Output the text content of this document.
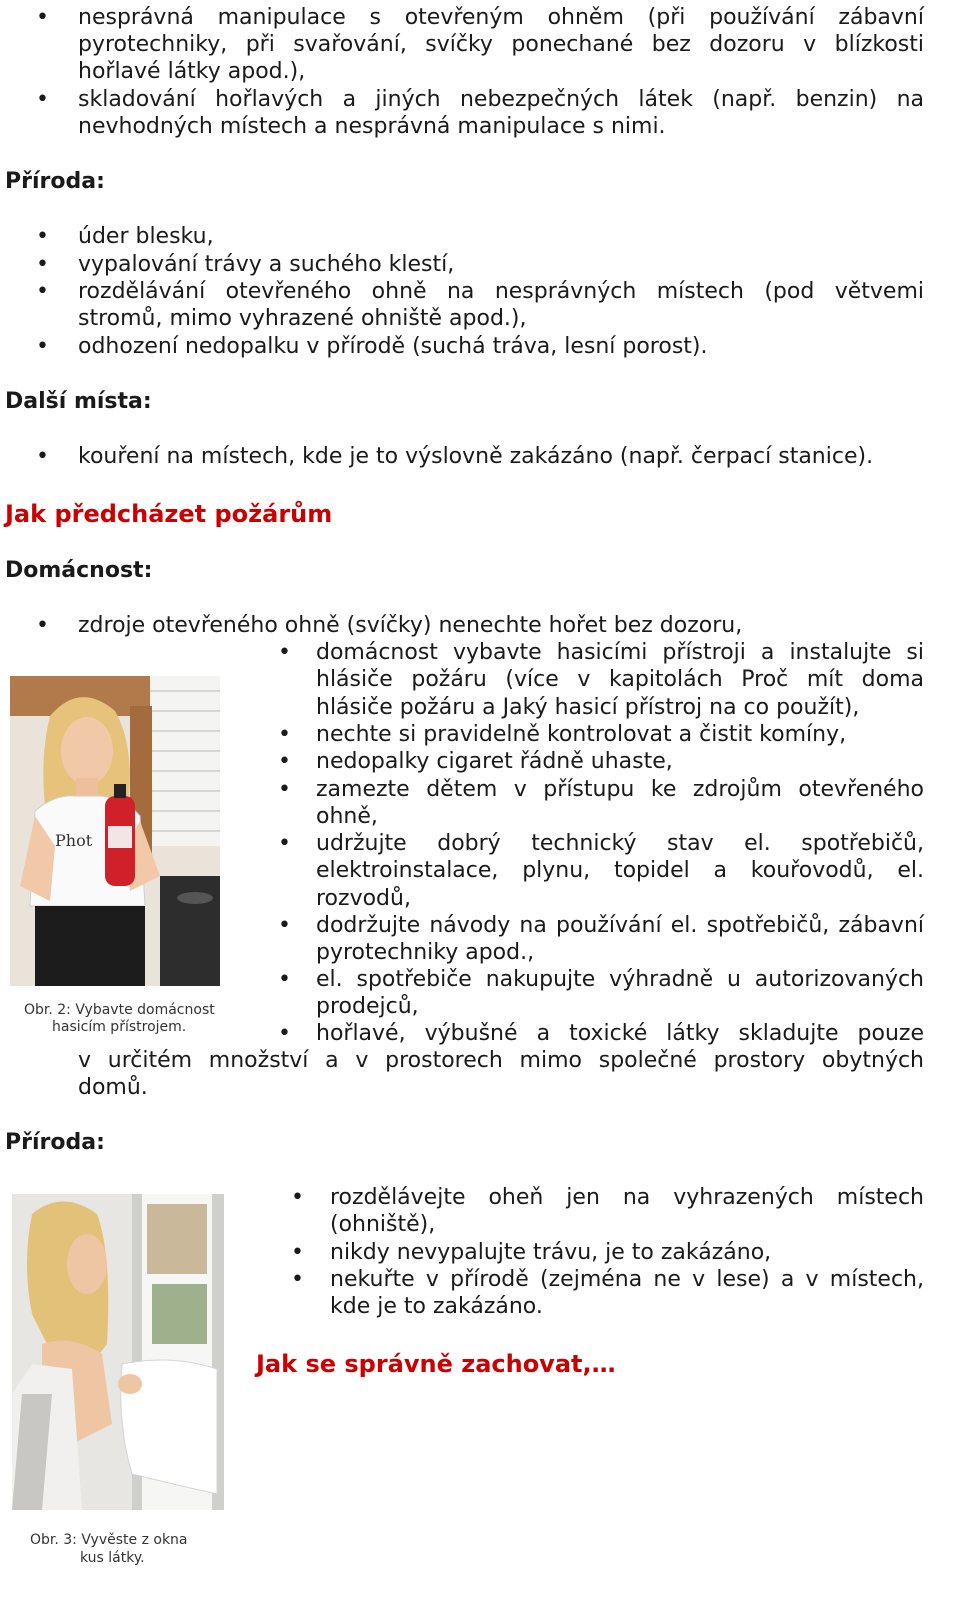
• nesprávná manipulace s otevřeným ohněm (při používání zábavní
pyrotechniky, při svařování, svíčky ponechané bez dozoru v blízkosti
hořlavé látky apod.),
• skladování hořlavých a jiných nebezpečných látek (např. benzin) na
nevhodných místech a nesprávná manipulace s nimi.
Příroda:
• úder blesku,
• vypalování trávy a suchého klestí,
• rozdělávání otevřeného ohně na nesprávných místech (pod větvemi
stromů, mimo vyhrazené ohniště apod.),
• odhození nedopalku v přírodě (suchá tráva, lesní porost).
Další místa:
• kouření na místech, kde je to výslovně zakázáno (např. čerpací stanice).
Jak předcházet požárům
Domácnost:
• zdroje otevřeného ohně (svíčky) nenechte hořet bez dozoru,
Phot
Obr. 2: Vybavte domácnost
hasicím přístrojem.
• domácnost vybavte hasicími přístroji a instalujte si
hlásiče požáru (více v kapitolách Proč mít doma
hlásiče požáru a Jaký hasicí přístroj na co použít),
• nechte si pravidelně kontrolovat a čistit komíny,
• nedopalky cigaret řádně uhaste,
• zamezte dětem v přístupu ke zdrojům otevřeného
ohně,
• udržujte dobrý technický stav el. spotřebičů,
elektroinstalace, plynu, topidel a kouřovodů, el.
rozvodů,
• dodržujte návody na používání el. spotřebičů, zábavní
pyrotechniky apod.,
• el. spotřebiče nakupujte výhradně u autorizovaných
prodejců,
• hořlavé, výbušné a toxické látky skladujte pouze
v určitém množství a v prostorech mimo společné prostory obytných
domů.
Příroda:
Obr. 3: Vyvěste z okna
kus látky.
• rozdělávejte oheň jen na vyhrazených místech
(ohniště),
• nikdy nevypalujte trávu, je to zakázáno,
• nekuřte v přírodě (zejména ne v lese) a v místech,
kde je to zakázáno.
Jak se správně zachovat,…
